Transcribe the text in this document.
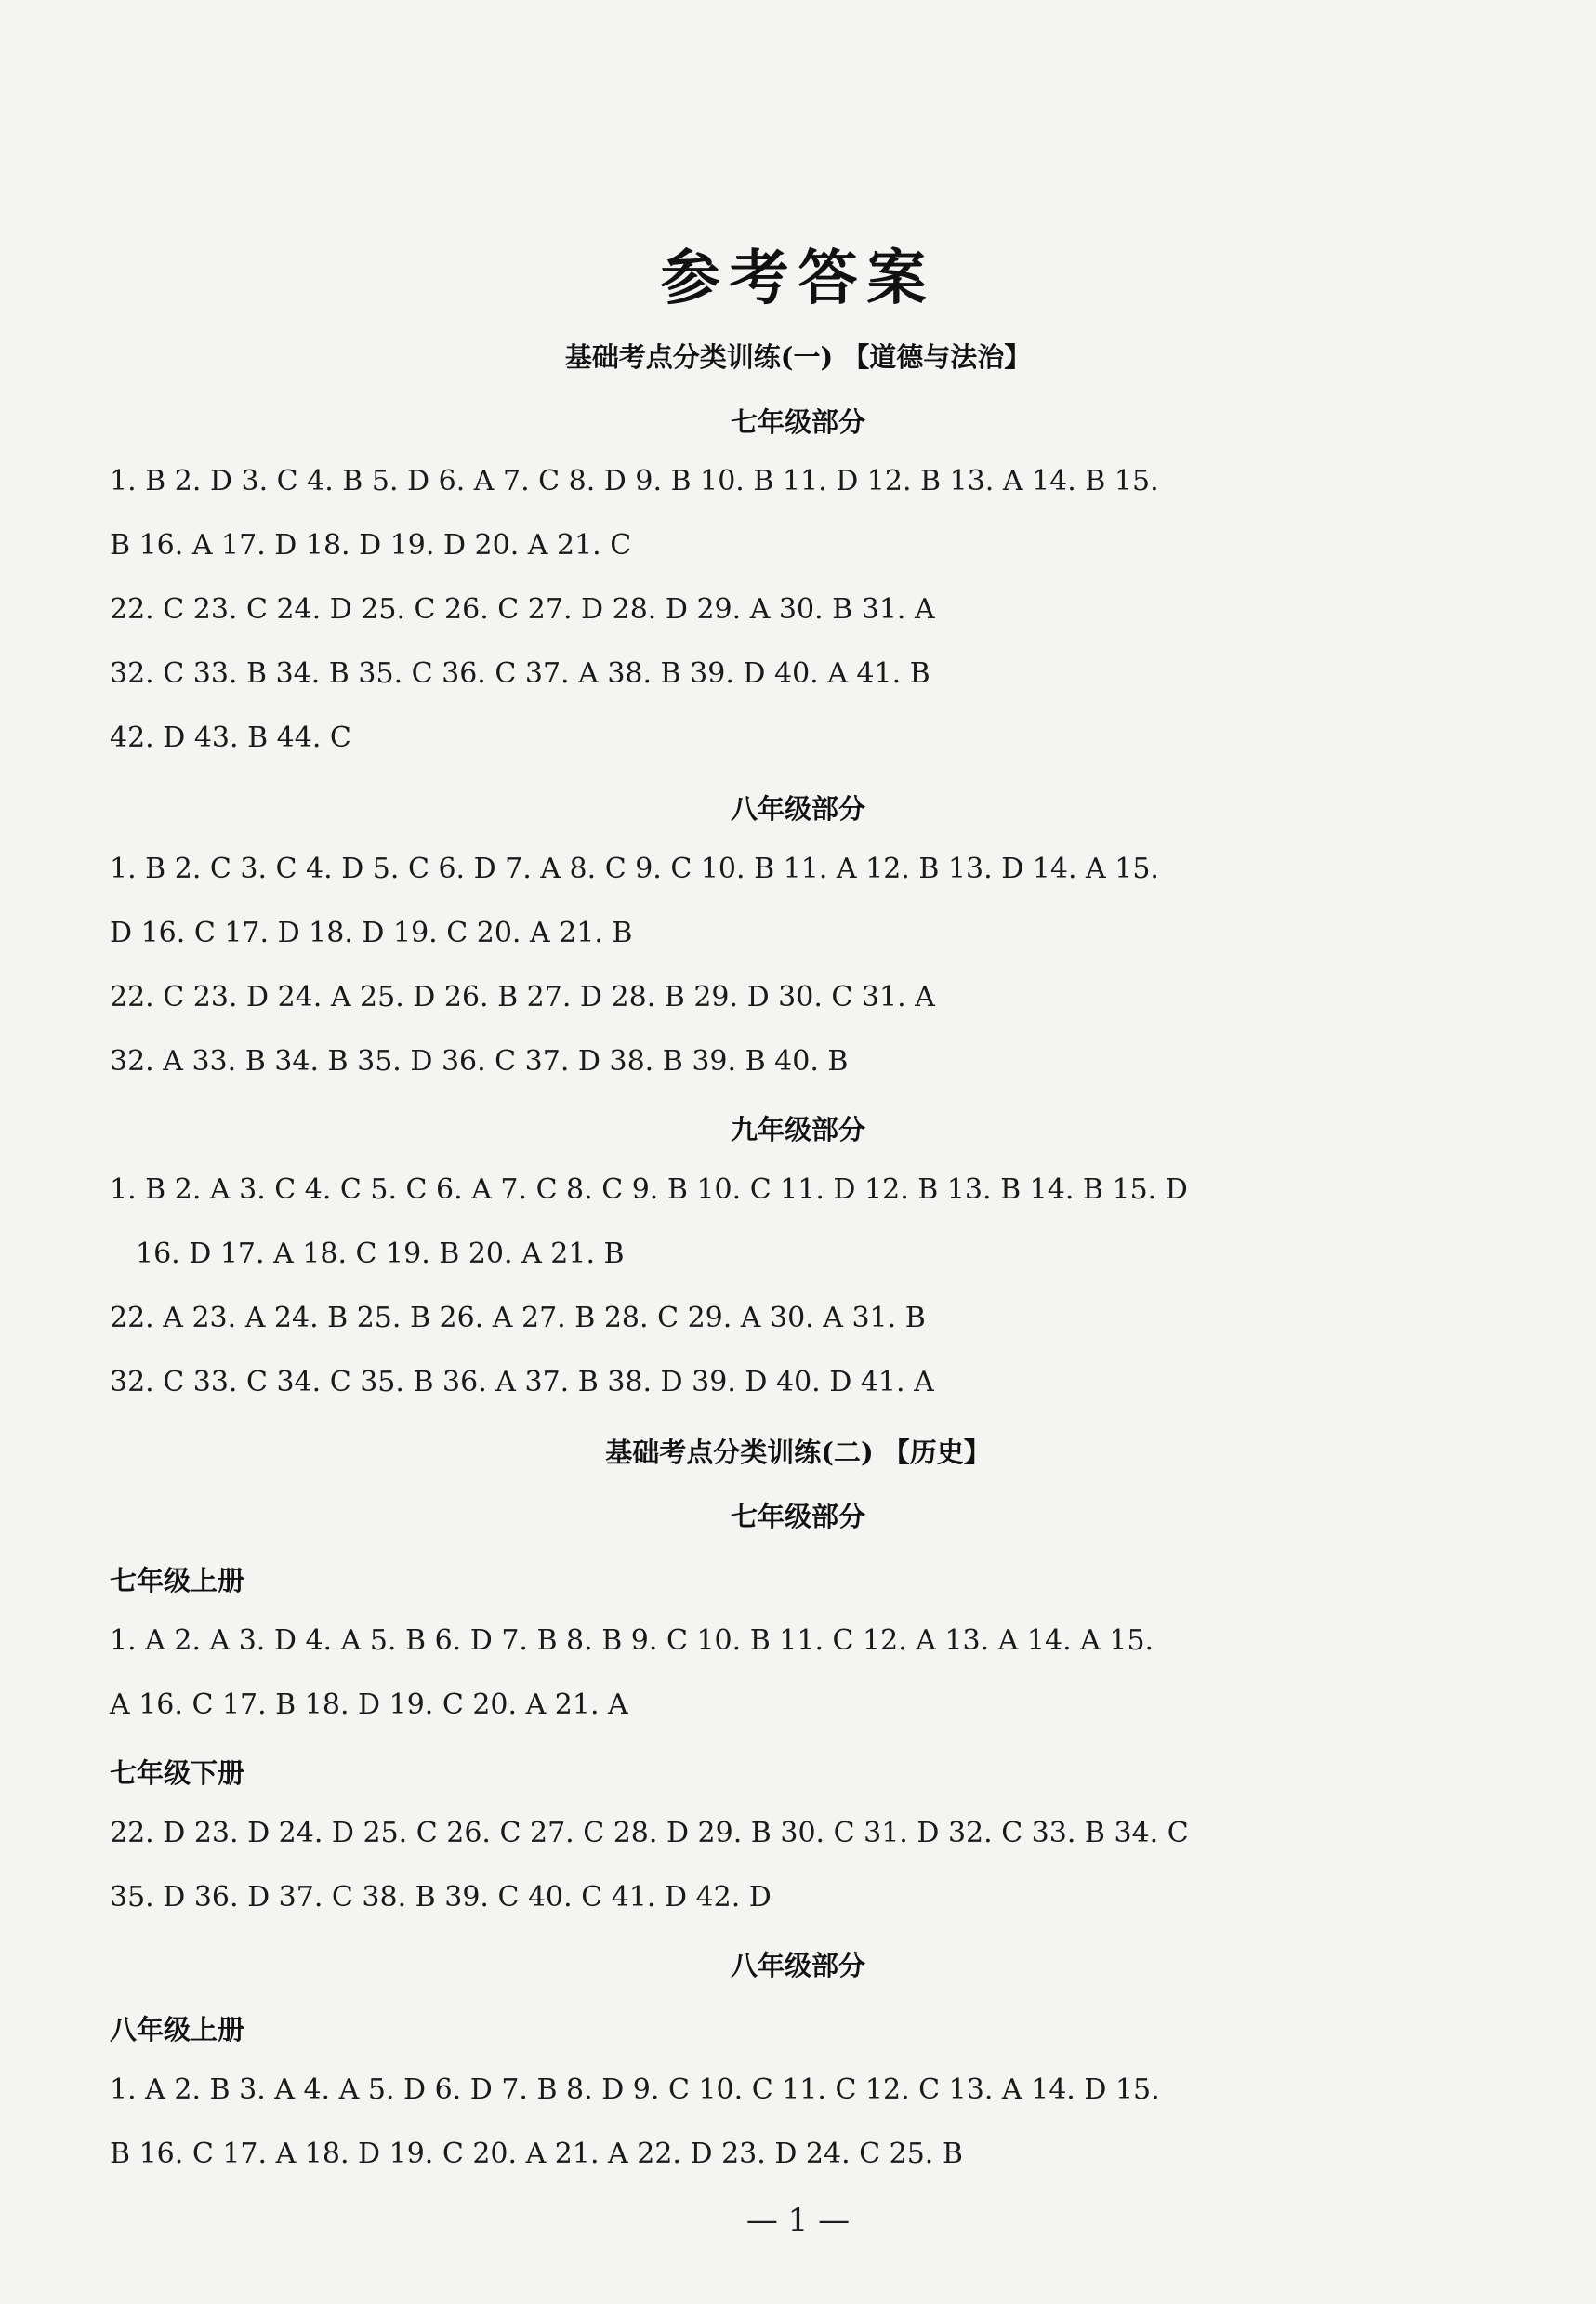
参考答案
基础考点分类训练(一) 【道德与法治】
七年级部分
1. B 2. D 3. C 4. B 5. D 6. A 7. C 8. D 9. B 10. B 11. D 12. B 13. A 14. B 15.
B 16. A 17. D 18. D 19. D 20. A 21. C
22. C 23. C 24. D 25. C 26. C 27. D 28. D 29. A 30. B 31. A
32. C 33. B 34. B 35. C 36. C 37. A 38. B 39. D 40. A 41. B
42. D 43. B 44. C
八年级部分
1. B 2. C 3. C 4. D 5. C 6. D 7. A 8. C 9. C 10. B 11. A 12. B 13. D 14. A 15.
D 16. C 17. D 18. D 19. C 20. A 21. B
22. C 23. D 24. A 25. D 26. B 27. D 28. B 29. D 30. C 31. A
32. A 33. B 34. B 35. D 36. C 37. D 38. B 39. B 40. B
九年级部分
1. B 2. A 3. C 4. C 5. C 6. A 7. C 8. C 9. B 10. C 11. D 12. B 13. B 14. B 15. D
16. D 17. A 18. C 19. B 20. A 21. B
22. A 23. A 24. B 25. B 26. A 27. B 28. C 29. A 30. A 31. B
32. C 33. C 34. C 35. B 36. A 37. B 38. D 39. D 40. D 41. A
基础考点分类训练(二) 【历史】
七年级部分
七年级上册
1. A 2. A 3. D 4. A 5. B 6. D 7. B 8. B 9. C 10. B 11. C 12. A 13. A 14. A 15.
A 16. C 17. B 18. D 19. C 20. A 21. A
七年级下册
22. D 23. D 24. D 25. C 26. C 27. C 28. D 29. B 30. C 31. D 32. C 33. B 34. C
35. D 36. D 37. C 38. B 39. C 40. C 41. D 42. D
八年级部分
八年级上册
1. A 2. B 3. A 4. A 5. D 6. D 7. B 8. D 9. C 10. C 11. C 12. C 13. A 14. D 15.
B 16. C 17. A 18. D 19. C 20. A 21. A 22. D 23. D 24. C 25. B
— 1 —
